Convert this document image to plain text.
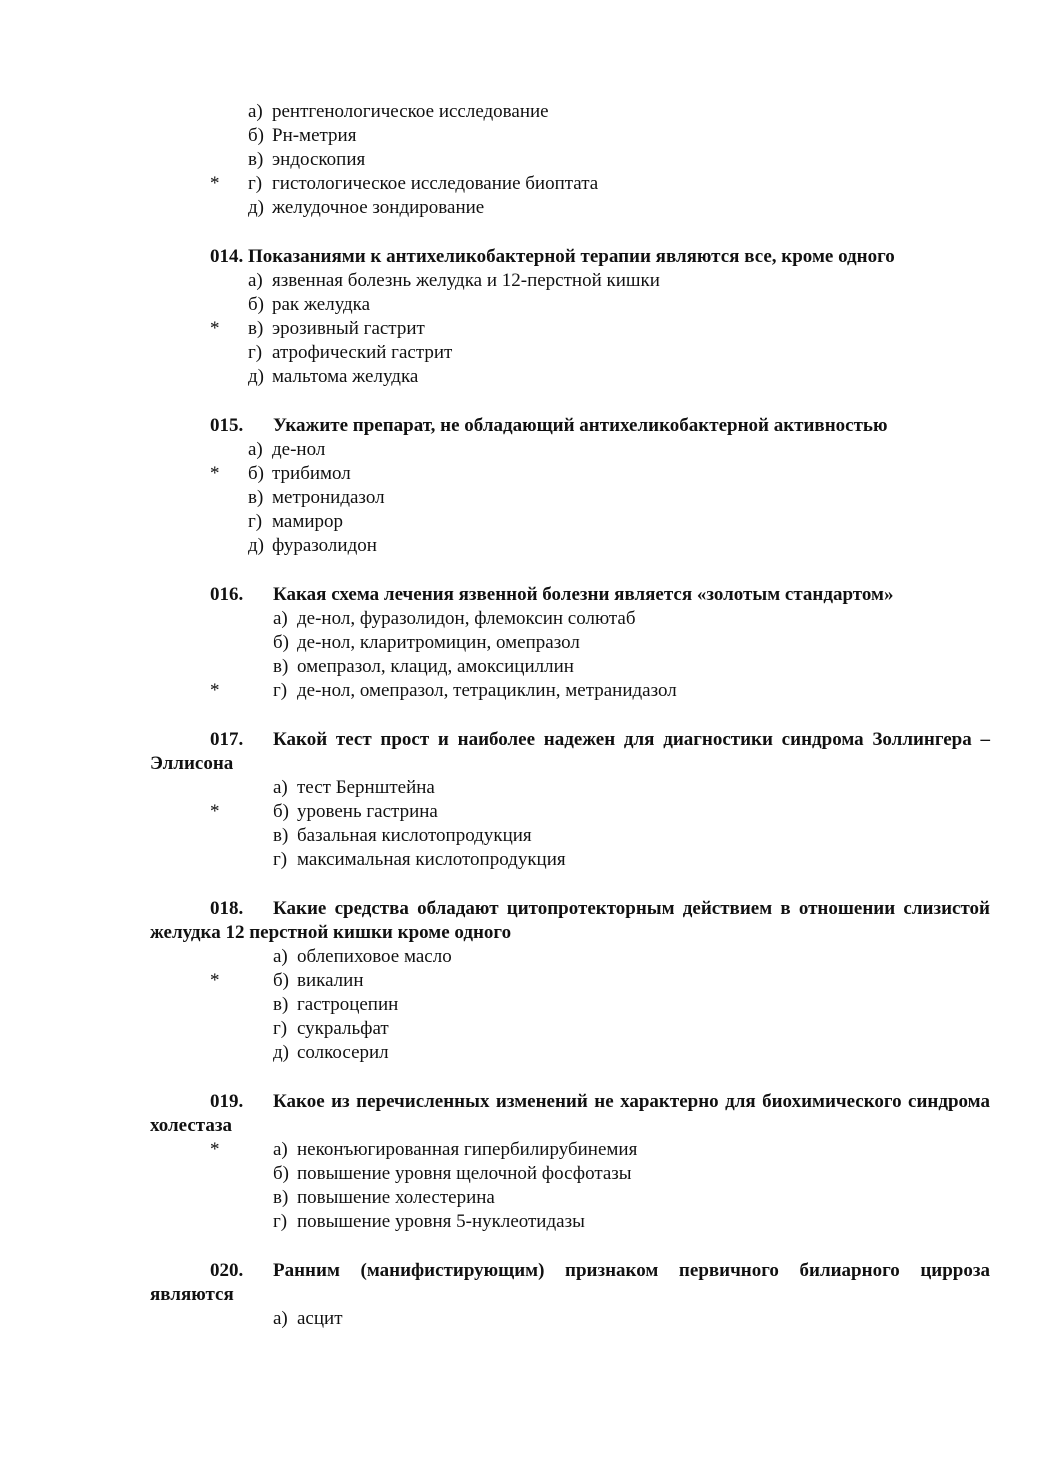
*
а) рентгенологическое исследование
б) Рн-метрия
в) эндоскопия
г) гистологическое исследование биоптата
д) желудочное зондирование
014. Показаниями к антихеликобактерной терапии являются все, кроме одного
*
а) язвенная болезнь желудка и 12-перстной кишки
б) рак желудка
в) эрозивный гастрит
г) атрофический гастрит
д) мальтома желудка
015. Укажите препарат, не обладающий антихеликобактерной активностью
*
а) де-нол
б) трибимол
в) метронидазол
г) мамирор
д) фуразолидон
016. Какая схема лечения язвенной болезни является «золотым стандартом»
*
а) де-нол, фуразолидон, флемоксин солютаб
б) де-нол, кларитромицин, омепразол
в) омепразол, клацид, амоксициллин
г) де-нол, омепразол, тетрациклин, метранидазол
017. Какой тест прост и наиболее надежен для диагностики синдрома Золлингера – Эллисона
*
а) тест Бернштейна
б) уровень гастрина
в) базальная кислотопродукция
г) максимальная кислотопродукция
018. Какие средства обладают цитопротекторным действием в отношении слизистой желудка 12 перстной кишки кроме одного
*
а) облепиховое масло
б) викалин
в) гастроцепин
г) сукральфат
д) солкосерил
019. Какое из перечисленных изменений не характерно для биохимического синдрома холестаза
*	а) неконъюгированная гипербилирубинемия
б) повышение уровня щелочной фосфотазы
в) повышение холестерина
г) повышение уровня 5-нуклеотидазы
020. Ранним (манифистирующим) признаком первичного билиарного цирроза являются
а) асцит
